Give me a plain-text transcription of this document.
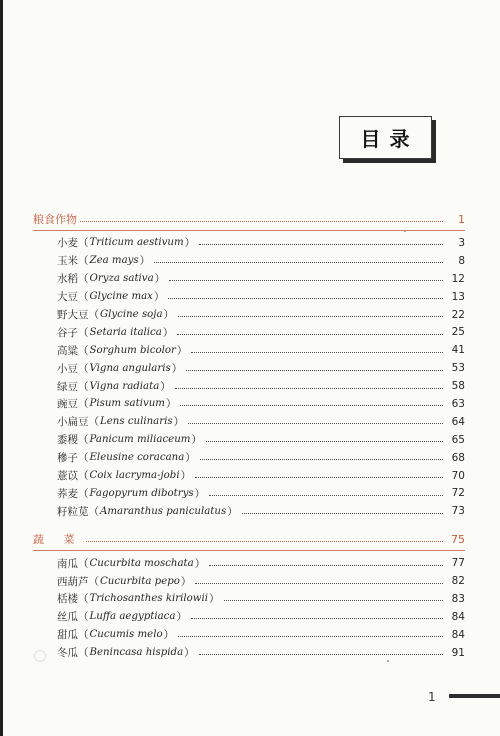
目 录
粮食作物	1
小麦 （ Triticum aestivum ）	3
玉米 （ Zea mays ）	8
水稻 （ Oryza sativa ）	12
大豆 （ Glycine max ）	13
野大豆 （ Glycine soja ）	22
谷子 （ Setaria italica ）	25
高粱 （ Sorghum bicolor ）	41
小豆 （ Vigna angularis ）	53
绿豆 （ Vigna radiata ）	58
豌豆 （ Pisum sativum ）	63
小扁豆 （ Lens culinaris ）	64
黍稷 （ Panicum miliaceum ）	65
穇子 （ Eleusine coracana ）	68
薏苡 （ Coix lacryma-jobi ）	70
荞麦 （ Fagopyrum dibotrys ）	72
籽粒苋 （ Amaranthus paniculatus ）	73
蔬 菜	75
南瓜 （ Cucurbita moschata ）	77
西葫芦 （ Cucurbita pepo ）	82
栝楼 （ Trichosanthes kirilowii ）	83
丝瓜 （ Luffa aegyptiaca ）	84
甜瓜 （ Cucumis melo ）	84
冬瓜 （ Benincasa hispida ）	91
1
